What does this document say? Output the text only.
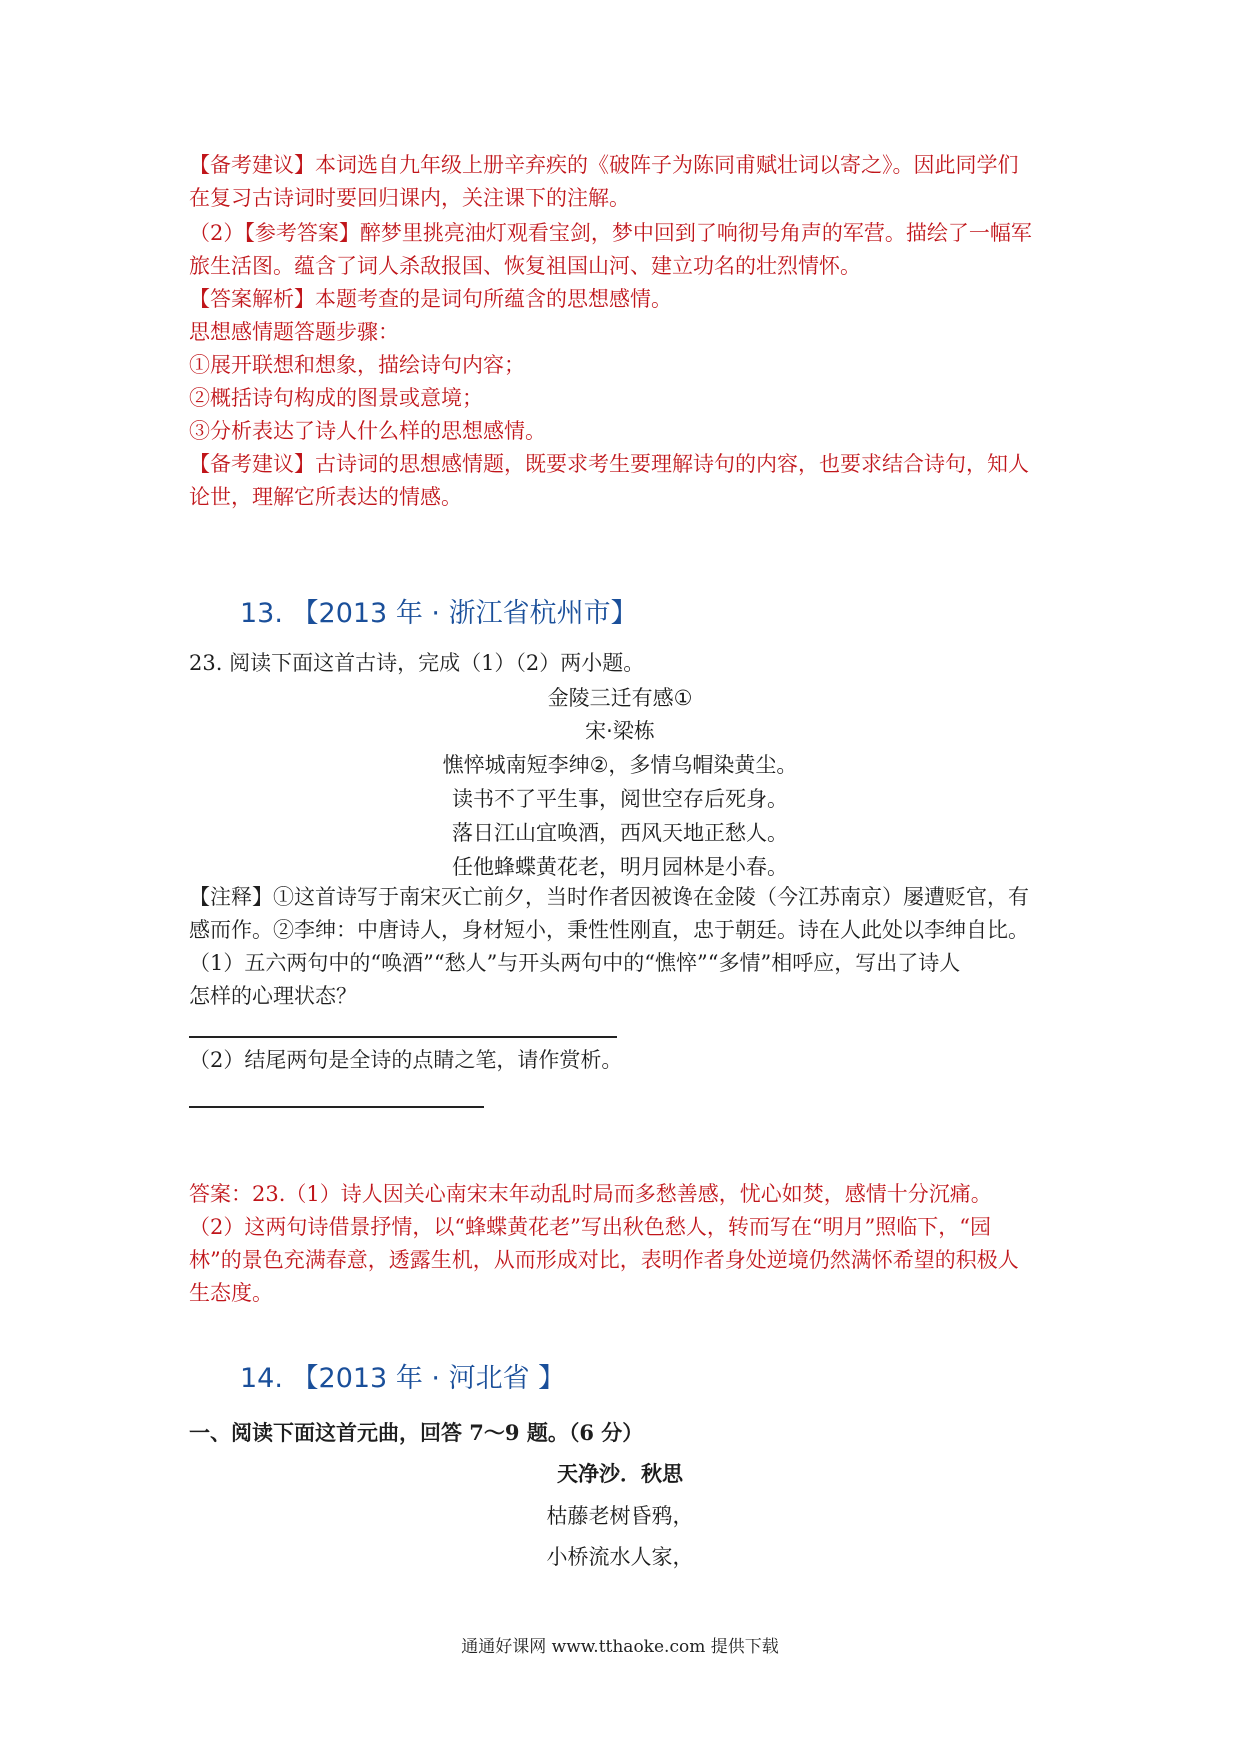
【备考建议】本词选自九年级上册辛弃疾的《破阵子为陈同甫赋壮词以寄之》。因此同学们
在复习古诗词时要回归课内，关注课下的注解。
（2）【参考答案】醉梦里挑亮油灯观看宝剑，梦中回到了响彻号角声的军营。描绘了一幅军
旅生活图。蕴含了词人杀敌报国、恢复祖国山河、建立功名的壮烈情怀。
【答案解析】本题考查的是词句所蕴含的思想感情。
思想感情题答题步骤：
①展开联想和想象，描绘诗句内容；
②概括诗句构成的图景或意境；
③分析表达了诗人什么样的思想感情。
【备考建议】古诗词的思想感情题，既要求考生要理解诗句的内容，也要求结合诗句，知人
论世，理解它所表达的情感。
13. 【2013 年 · 浙江省杭州市】
23. 阅读下面这首古诗，完成（1）（2）两小题。
金陵三迁有感①
宋·梁栋
憔悴城南短李绅②，多情乌帽染黄尘。
读书不了平生事，阅世空存后死身。
落日江山宜唤酒，西风天地正愁人。
任他蜂蝶黄花老，明月园林是小春。
【注释】①这首诗写于南宋灭亡前夕，当时作者因被谗在金陵（今江苏南京）屡遭贬官，有
感而作。②李绅：中唐诗人，身材短小，秉性性刚直，忠于朝廷。诗在人此处以李绅自比。
（1）五六两句中的“唤酒”“愁人”与开头两句中的“憔悴”“多情”相呼应，写出了诗人
怎样的心理状态？
（2）结尾两句是全诗的点睛之笔，请作赏析。
答案：23.（1）诗人因关心南宋末年动乱时局而多愁善感，忧心如焚，感情十分沉痛。
（2）这两句诗借景抒情，以“蜂蝶黄花老”写出秋色愁人，转而写在“明月”照临下，“园
林”的景色充满春意，透露生机，从而形成对比，表明作者身处逆境仍然满怀希望的积极人
生态度。
14. 【2013 年 · 河北省 】
一、阅读下面这首元曲，回答 7～9 题。（6 分）
天净沙．秋思
枯藤老树昏鸦，
小桥流水人家，
通通好课网 www.tthaoke.com 提供下载
